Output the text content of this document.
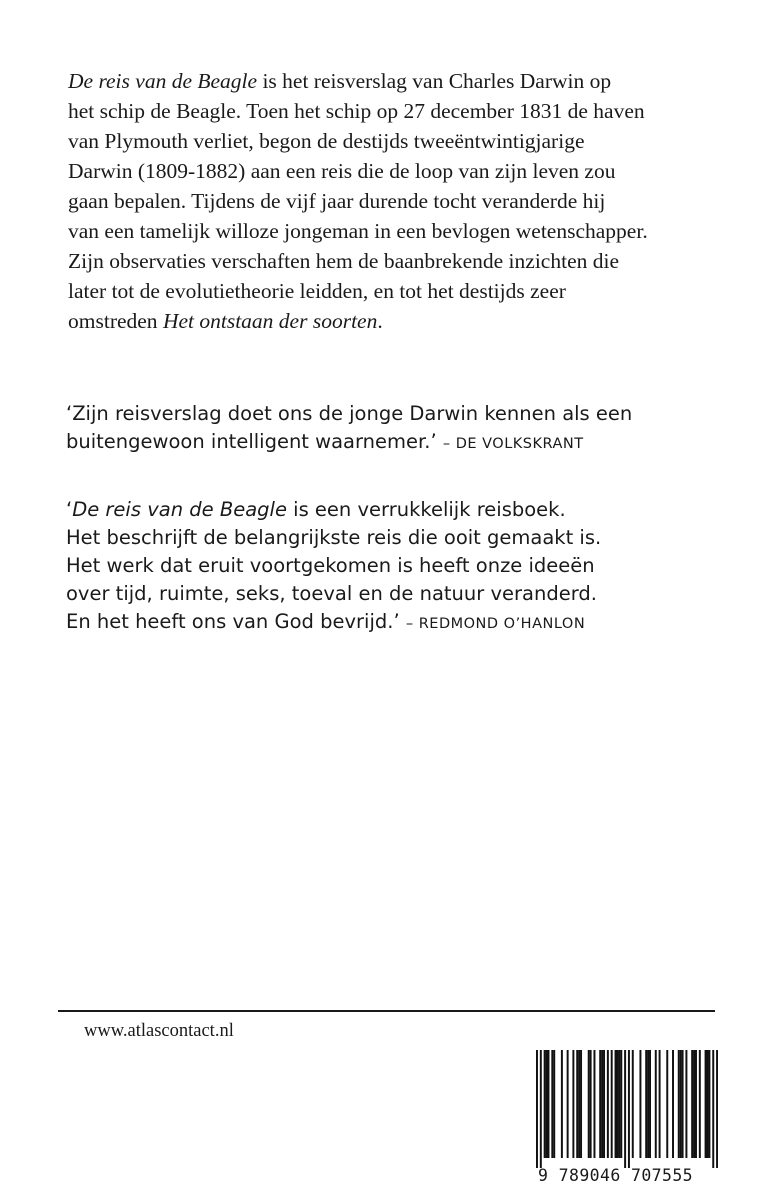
De reis van de Beagle is het reisverslag van Charles Darwin op

het schip de Beagle. Toen het schip op 27 december 1831 de haven

van Plymouth verliet, begon de destijds tweeëntwintigjarige

Darwin (1809-1882) aan een reis die de loop van zijn leven zou

gaan bepalen. Tijdens de vijf jaar durende tocht veranderde hij

van een tamelijk willoze jongeman in een bevlogen wetenschapper.

Zijn observaties verschaften hem de baanbrekende inzichten die

later tot de evolutietheorie leidden, en tot het destijds zeer

omstreden Het ontstaan der soorten.

‘Zijn reisverslag doet ons de jonge Darwin kennen als een

buitengewoon intelligent waarnemer.’ – DE VOLKSKRANT

‘De reis van de Beagle is een verrukkelijk reisboek.

Het beschrijft de belangrijkste reis die ooit gemaakt is.

Het werk dat eruit voortgekomen is heeft onze ideeën

over tijd, ruimte, seks, toeval en de natuur veranderd.

En het heeft ons van God bevrijd.’ – REDMOND O’HANLON

www.atlascontact.nl
9 789046 707555
